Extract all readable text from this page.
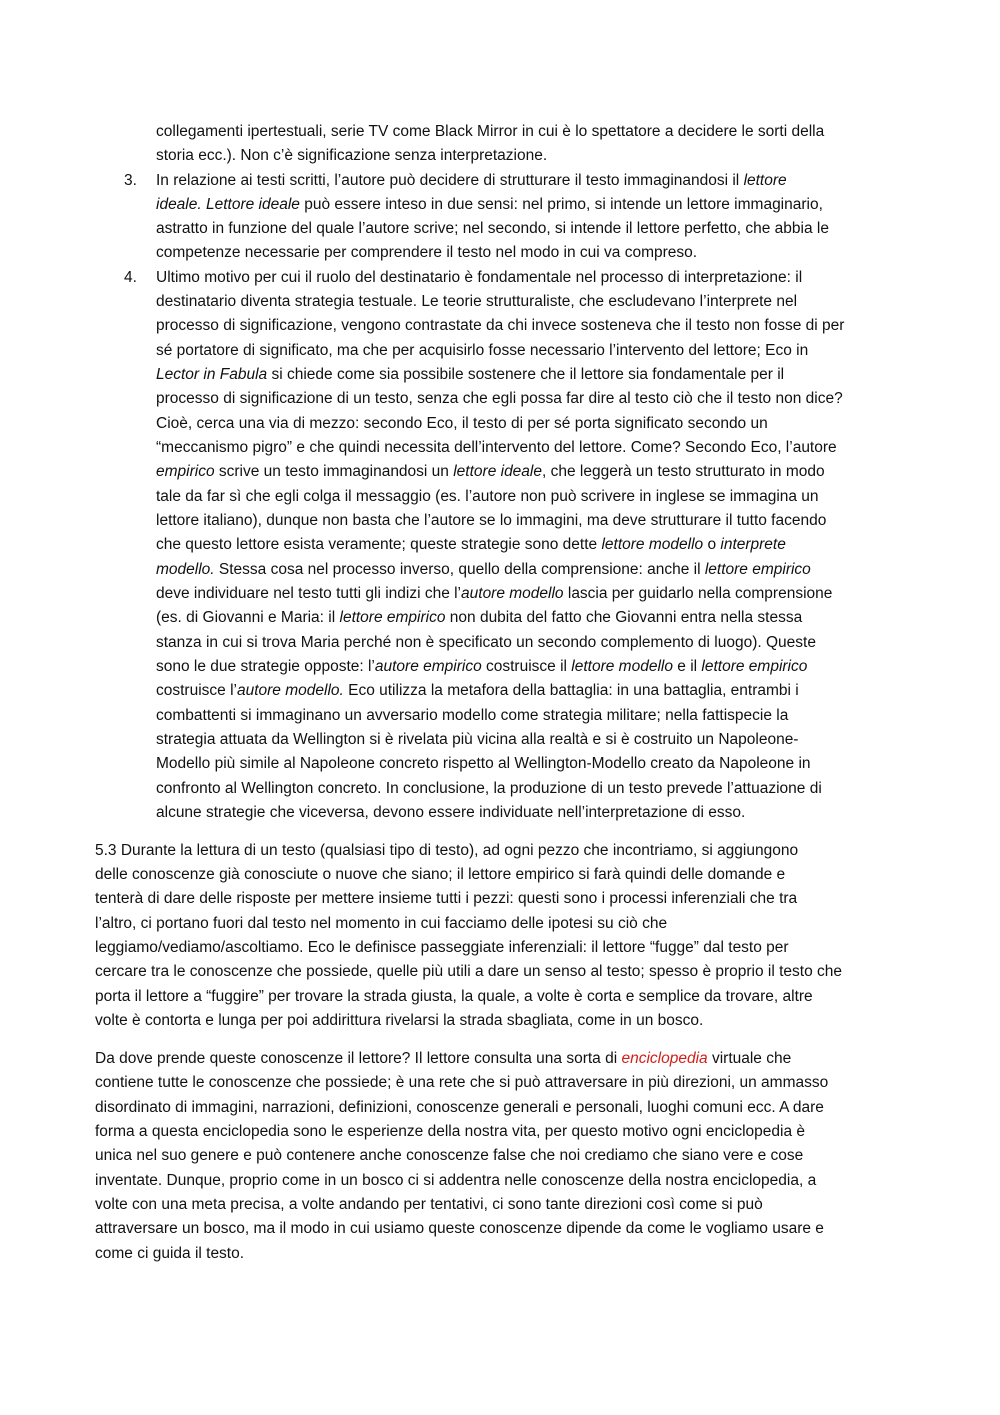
collegamenti ipertestuali, serie TV come Black Mirror in cui è lo spettatore a decidere le sorti della
storia ecc.). Non c’è significazione senza interpretazione.
3. In relazione ai testi scritti, l’autore può decidere di strutturare il testo immaginandosi il lettore
ideale. Lettore ideale può essere inteso in due sensi: nel primo, si intende un lettore immaginario,
astratto in funzione del quale l’autore scrive; nel secondo, si intende il lettore perfetto, che abbia le
competenze necessarie per comprendere il testo nel modo in cui va compreso.
4. Ultimo motivo per cui il ruolo del destinatario è fondamentale nel processo di interpretazione: il
destinatario diventa strategia testuale. Le teorie strutturaliste, che escludevano l’interprete nel
processo di significazione, vengono contrastate da chi invece sosteneva che il testo non fosse di per
sé portatore di significato, ma che per acquisirlo fosse necessario l’intervento del lettore; Eco in
Lector in Fabula si chiede come sia possibile sostenere che il lettore sia fondamentale per il
processo di significazione di un testo, senza che egli possa far dire al testo ciò che il testo non dice?
Cioè, cerca una via di mezzo: secondo Eco, il testo di per sé porta significato secondo un
“meccanismo pigro” e che quindi necessita dell’intervento del lettore. Come? Secondo Eco, l’autore
empirico scrive un testo immaginandosi un lettore ideale, che leggerà un testo strutturato in modo
tale da far sì che egli colga il messaggio (es. l’autore non può scrivere in inglese se immagina un
lettore italiano), dunque non basta che l’autore se lo immagini, ma deve strutturare il tutto facendo
che questo lettore esista veramente; queste strategie sono dette lettore modello o interprete
modello. Stessa cosa nel processo inverso, quello della comprensione: anche il lettore empirico
deve individuare nel testo tutti gli indizi che l’autore modello lascia per guidarlo nella comprensione
(es. di Giovanni e Maria: il lettore empirico non dubita del fatto che Giovanni entra nella stessa
stanza in cui si trova Maria perché non è specificato un secondo complemento di luogo). Queste
sono le due strategie opposte: l’autore empirico costruisce il lettore modello e il lettore empirico
costruisce l’autore modello. Eco utilizza la metafora della battaglia: in una battaglia, entrambi i
combattenti si immaginano un avversario modello come strategia militare; nella fattispecie la
strategia attuata da Wellington si è rivelata più vicina alla realtà e si è costruito un Napoleone-
Modello più simile al Napoleone concreto rispetto al Wellington-Modello creato da Napoleone in
confronto al Wellington concreto. In conclusione, la produzione di un testo prevede l’attuazione di
alcune strategie che viceversa, devono essere individuate nell’interpretazione di esso.
5.3 Durante la lettura di un testo (qualsiasi tipo di testo), ad ogni pezzo che incontriamo, si aggiungono
delle conoscenze già conosciute o nuove che siano; il lettore empirico si farà quindi delle domande e
tenterà di dare delle risposte per mettere insieme tutti i pezzi: questi sono i processi inferenziali che tra
l’altro, ci portano fuori dal testo nel momento in cui facciamo delle ipotesi su ciò che
leggiamo/vediamo/ascoltiamo. Eco le definisce passeggiate inferenziali: il lettore “fugge” dal testo per
cercare tra le conoscenze che possiede, quelle più utili a dare un senso al testo; spesso è proprio il testo che
porta il lettore a “fuggire” per trovare la strada giusta, la quale, a volte è corta e semplice da trovare, altre
volte è contorta e lunga per poi addirittura rivelarsi la strada sbagliata, come in un bosco.
Da dove prende queste conoscenze il lettore? Il lettore consulta una sorta di enciclopedia virtuale che
contiene tutte le conoscenze che possiede; è una rete che si può attraversare in più direzioni, un ammasso
disordinato di immagini, narrazioni, definizioni, conoscenze generali e personali, luoghi comuni ecc. A dare
forma a questa enciclopedia sono le esperienze della nostra vita, per questo motivo ogni enciclopedia è
unica nel suo genere e può contenere anche conoscenze false che noi crediamo che siano vere e cose
inventate. Dunque, proprio come in un bosco ci si addentra nelle conoscenze della nostra enciclopedia, a
volte con una meta precisa, a volte andando per tentativi, ci sono tante direzioni così come si può
attraversare un bosco, ma il modo in cui usiamo queste conoscenze dipende da come le vogliamo usare e
come ci guida il testo.
